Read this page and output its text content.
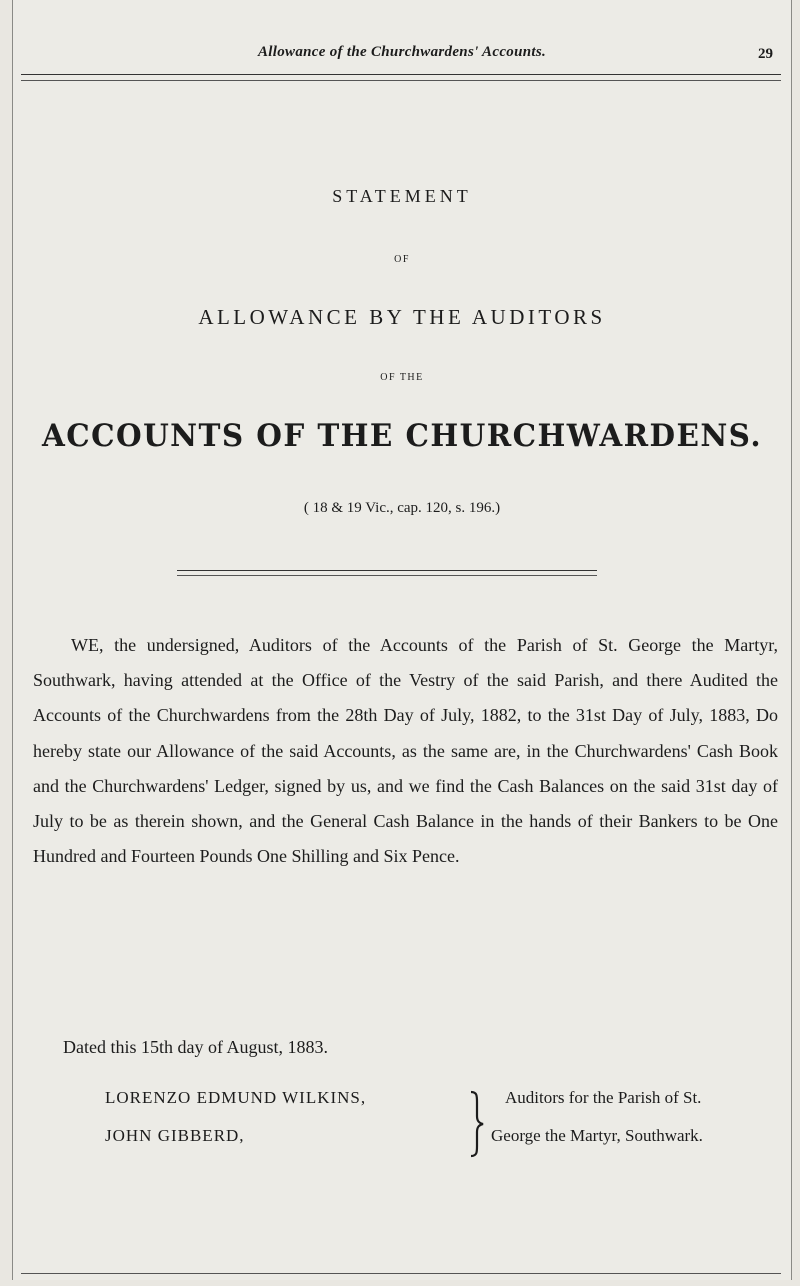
Allowance of the Churchwardens' Accounts.	29
STATEMENT
OF
ALLOWANCE BY THE AUDITORS
OF THE
ACCOUNTS OF THE CHURCHWARDENS.
( 18 & 19 Vic., cap. 120, s. 196.)
WE, the undersigned, Auditors of the Accounts of the Parish of St. George the Martyr, Southwark, having attended at the Office of the Vestry of the said Parish, and there Audited the Accounts of the Churchwardens from the 28th Day of July, 1882, to the 31st Day of July, 1883, Do hereby state our Allowance of the said Accounts, as the same are, in the Churchwardens' Cash Book and the Churchwardens' Ledger, signed by us, and we find the Cash Balances on the said 31st day of July to be as therein shown, and the General Cash Balance in the hands of their Bankers to be One Hundred and Fourteen Pounds One Shilling and Six Pence.
Dated this 15th day of August, 1883.
LORENZO EDMUND WILKINS,
JOHN GIBBERD,
Auditors for the Parish of St.
George the Martyr, Southwark.
